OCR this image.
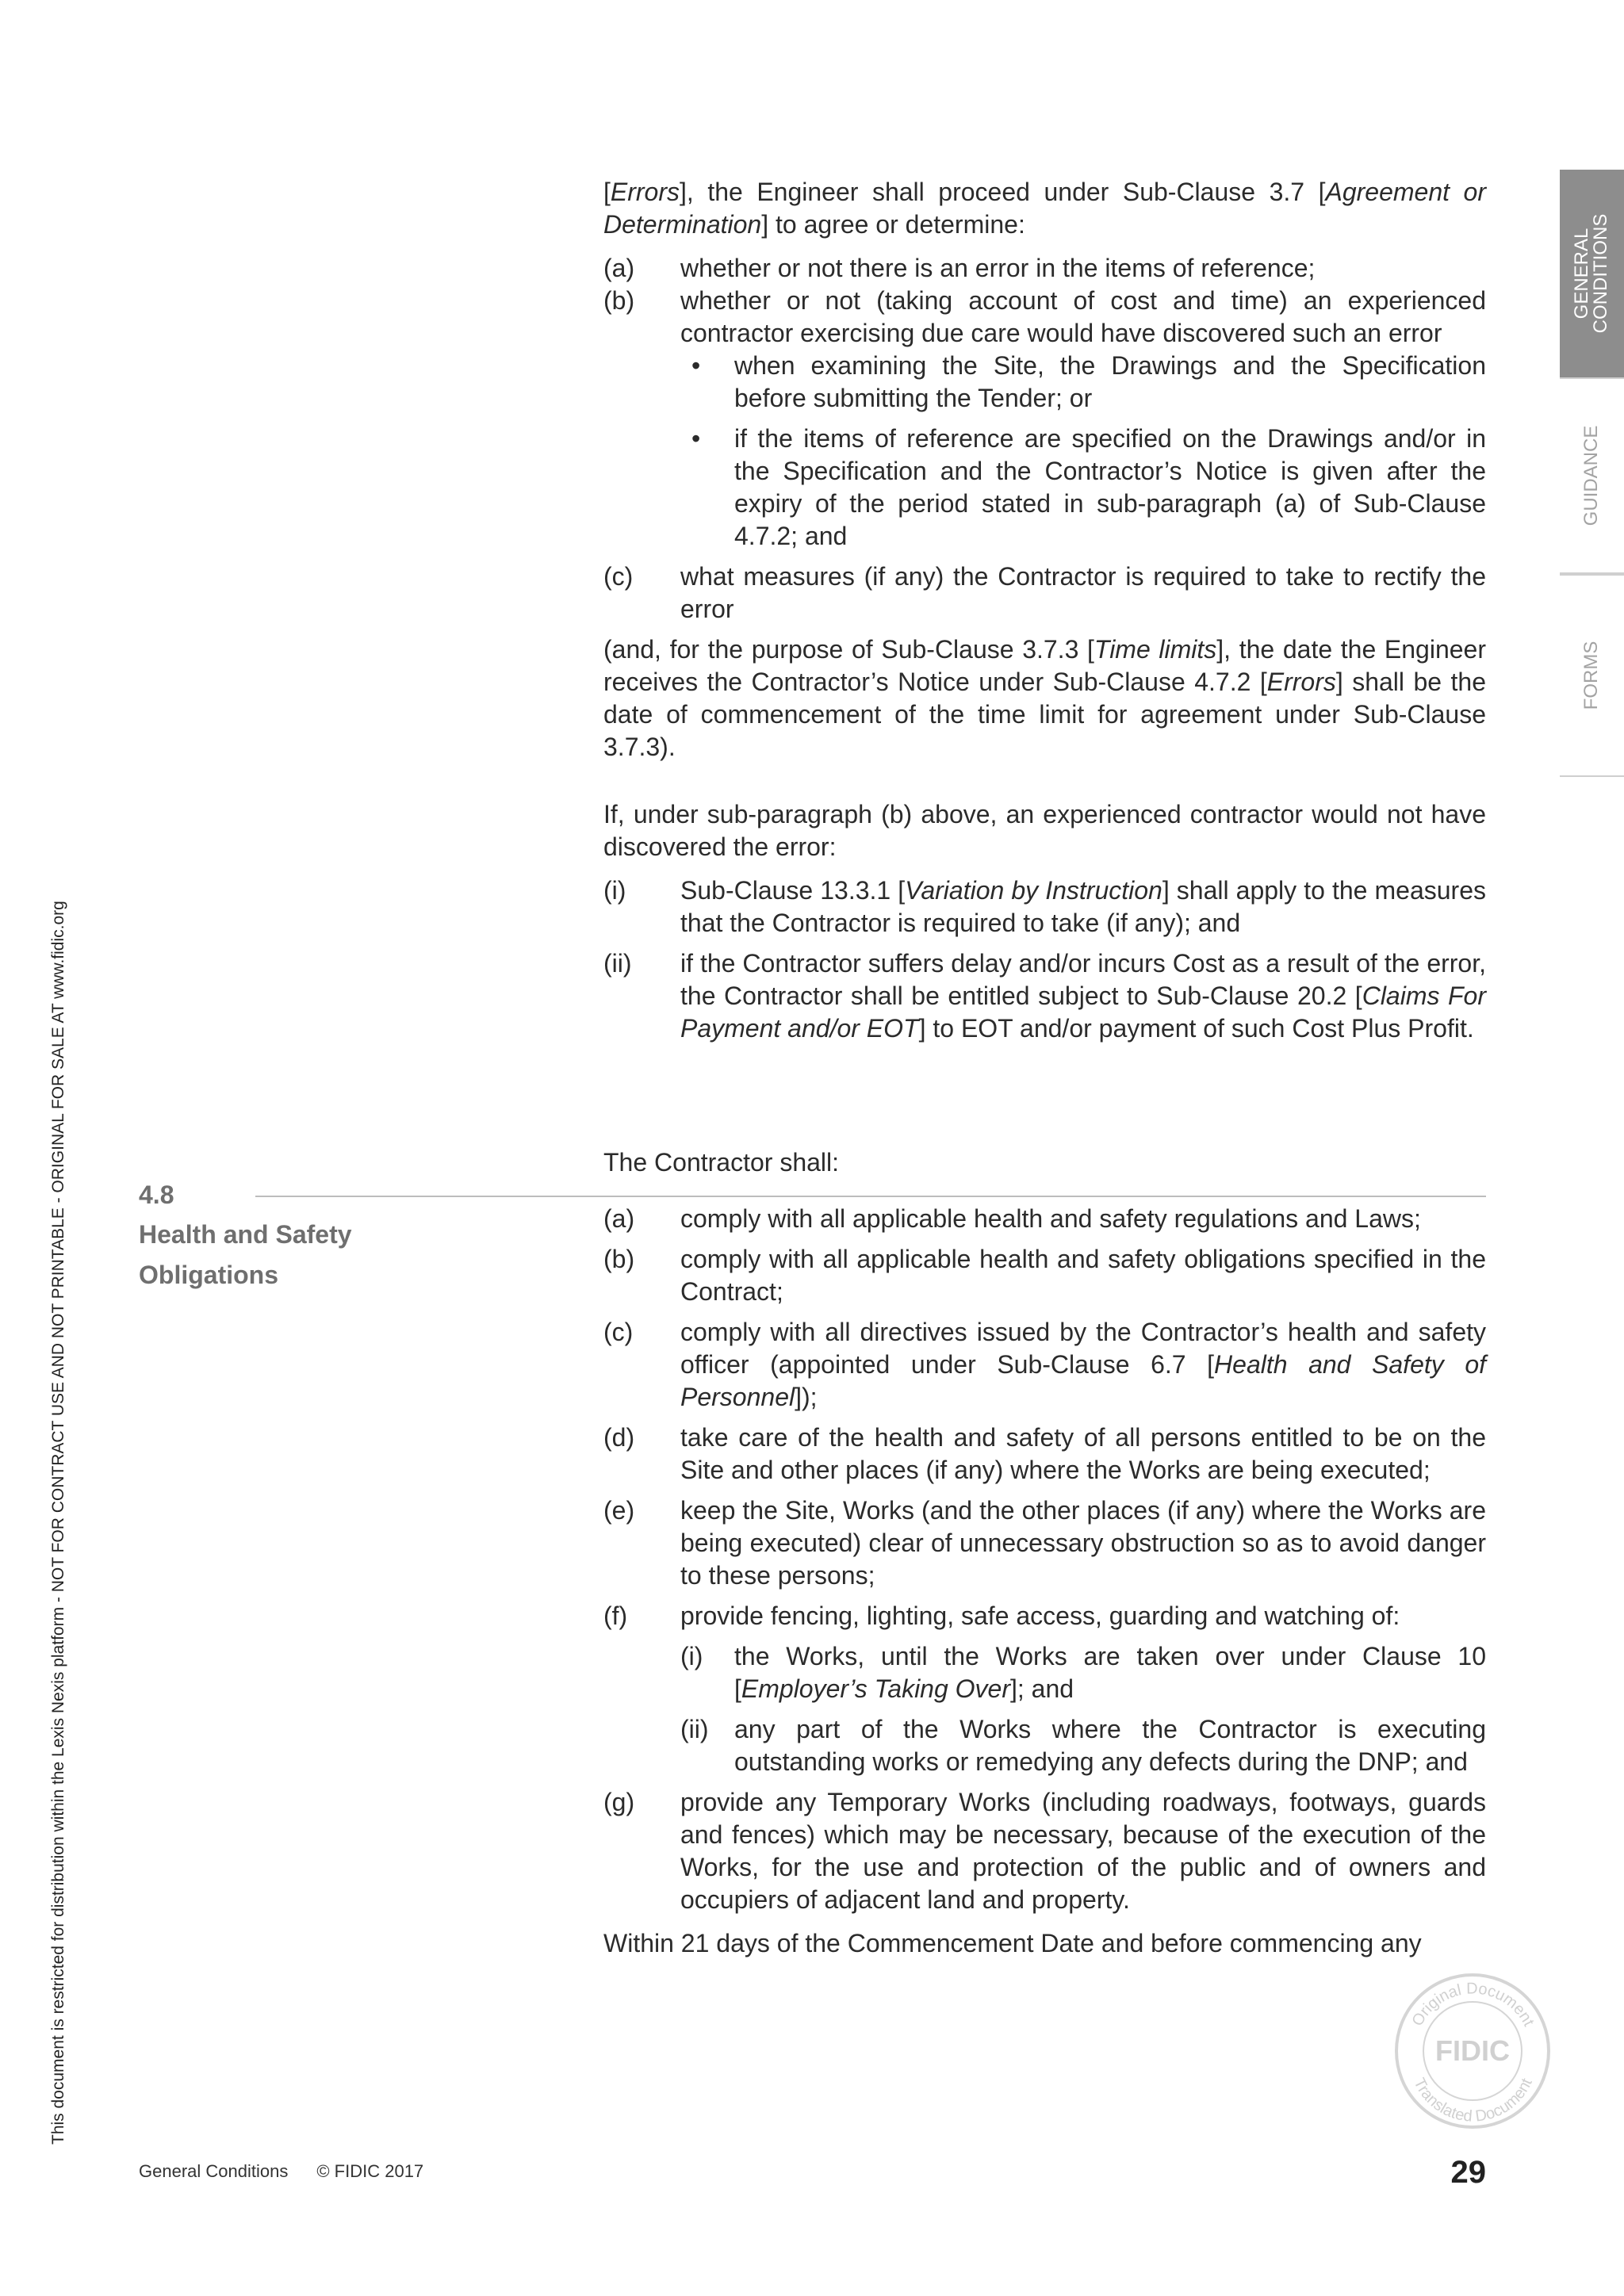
This document is restricted for distribution within the Lexis Nexis platform - NOT FOR CONTRACT USE AND NOT PRINTABLE - ORIGINAL FOR SALE AT www.fidic.org
GENERAL
CONDITIONS
GUIDANCE
FORMS
4.8
Health and Safety Obligations

[Errors], the Engineer shall proceed under Sub-Clause 3.7 [Agreement or Determination] to agree or determine:

(a)	whether or not there is an error in the items of reference;
(b)	whether or not (taking account of cost and time) an experienced contractor exercising due care would have discovered such an error
•	when examining the Site, the Drawings and the Specification before submitting the Tender; or
•	if the items of reference are specified on the Drawings and/or in the Specification and the Contractor’s Notice is given after the expiry of the period stated in sub-paragraph (a) of Sub-Clause 4.7.2; and
(c)	what measures (if any) the Contractor is required to take to rectify the error

(and, for the purpose of Sub-Clause 3.7.3 [Time limits], the date the Engineer receives the Contractor’s Notice under Sub-Clause 4.7.2 [Errors] shall be the date of commencement of the time limit for agreement under Sub-Clause 3.7.3).

If, under sub-paragraph (b) above, an experienced contractor would not have discovered the error:

(i)	Sub-Clause 13.3.1 [Variation by Instruction] shall apply to the measures that the Contractor is required to take (if any); and
(ii)	if the Contractor suffers delay and/or incurs Cost as a result of the error, the Contractor shall be entitled subject to Sub-Clause 20.2 [Claims For Payment and/or EOT] to EOT and/or payment of such Cost Plus Profit.

The Contractor shall:

(a)	comply with all applicable health and safety regulations and Laws;
(b)	comply with all applicable health and safety obligations specified in the Contract;
(c)	comply with all directives issued by the Contractor’s health and safety officer (appointed under Sub-Clause 6.7 [Health and Safety of Personnel]);
(d)	take care of the health and safety of all persons entitled to be on the Site and other places (if any) where the Works are being executed;
(e)	keep the Site, Works (and the other places (if any) where the Works are being executed) clear of unnecessary obstruction so as to avoid danger to these persons;
(f)	provide fencing, lighting, safe access, guarding and watching of:
(i)	the Works, until the Works are taken over under Clause 10 [Employer’s Taking Over]; and
(ii)	any part of the Works where the Contractor is executing outstanding works or remedying any defects during the DNP; and
(g)	provide any Temporary Works (including roadways, footways, guards and fences) which may be necessary, because of the execution of the Works, for the use and protection of the public and of owners and occupiers of adjacent land and property.

Within 21 days of the Commencement Date and before commencing any

Original Document
FIDIC
Translated Document
General Conditions © FIDIC 2017	29
